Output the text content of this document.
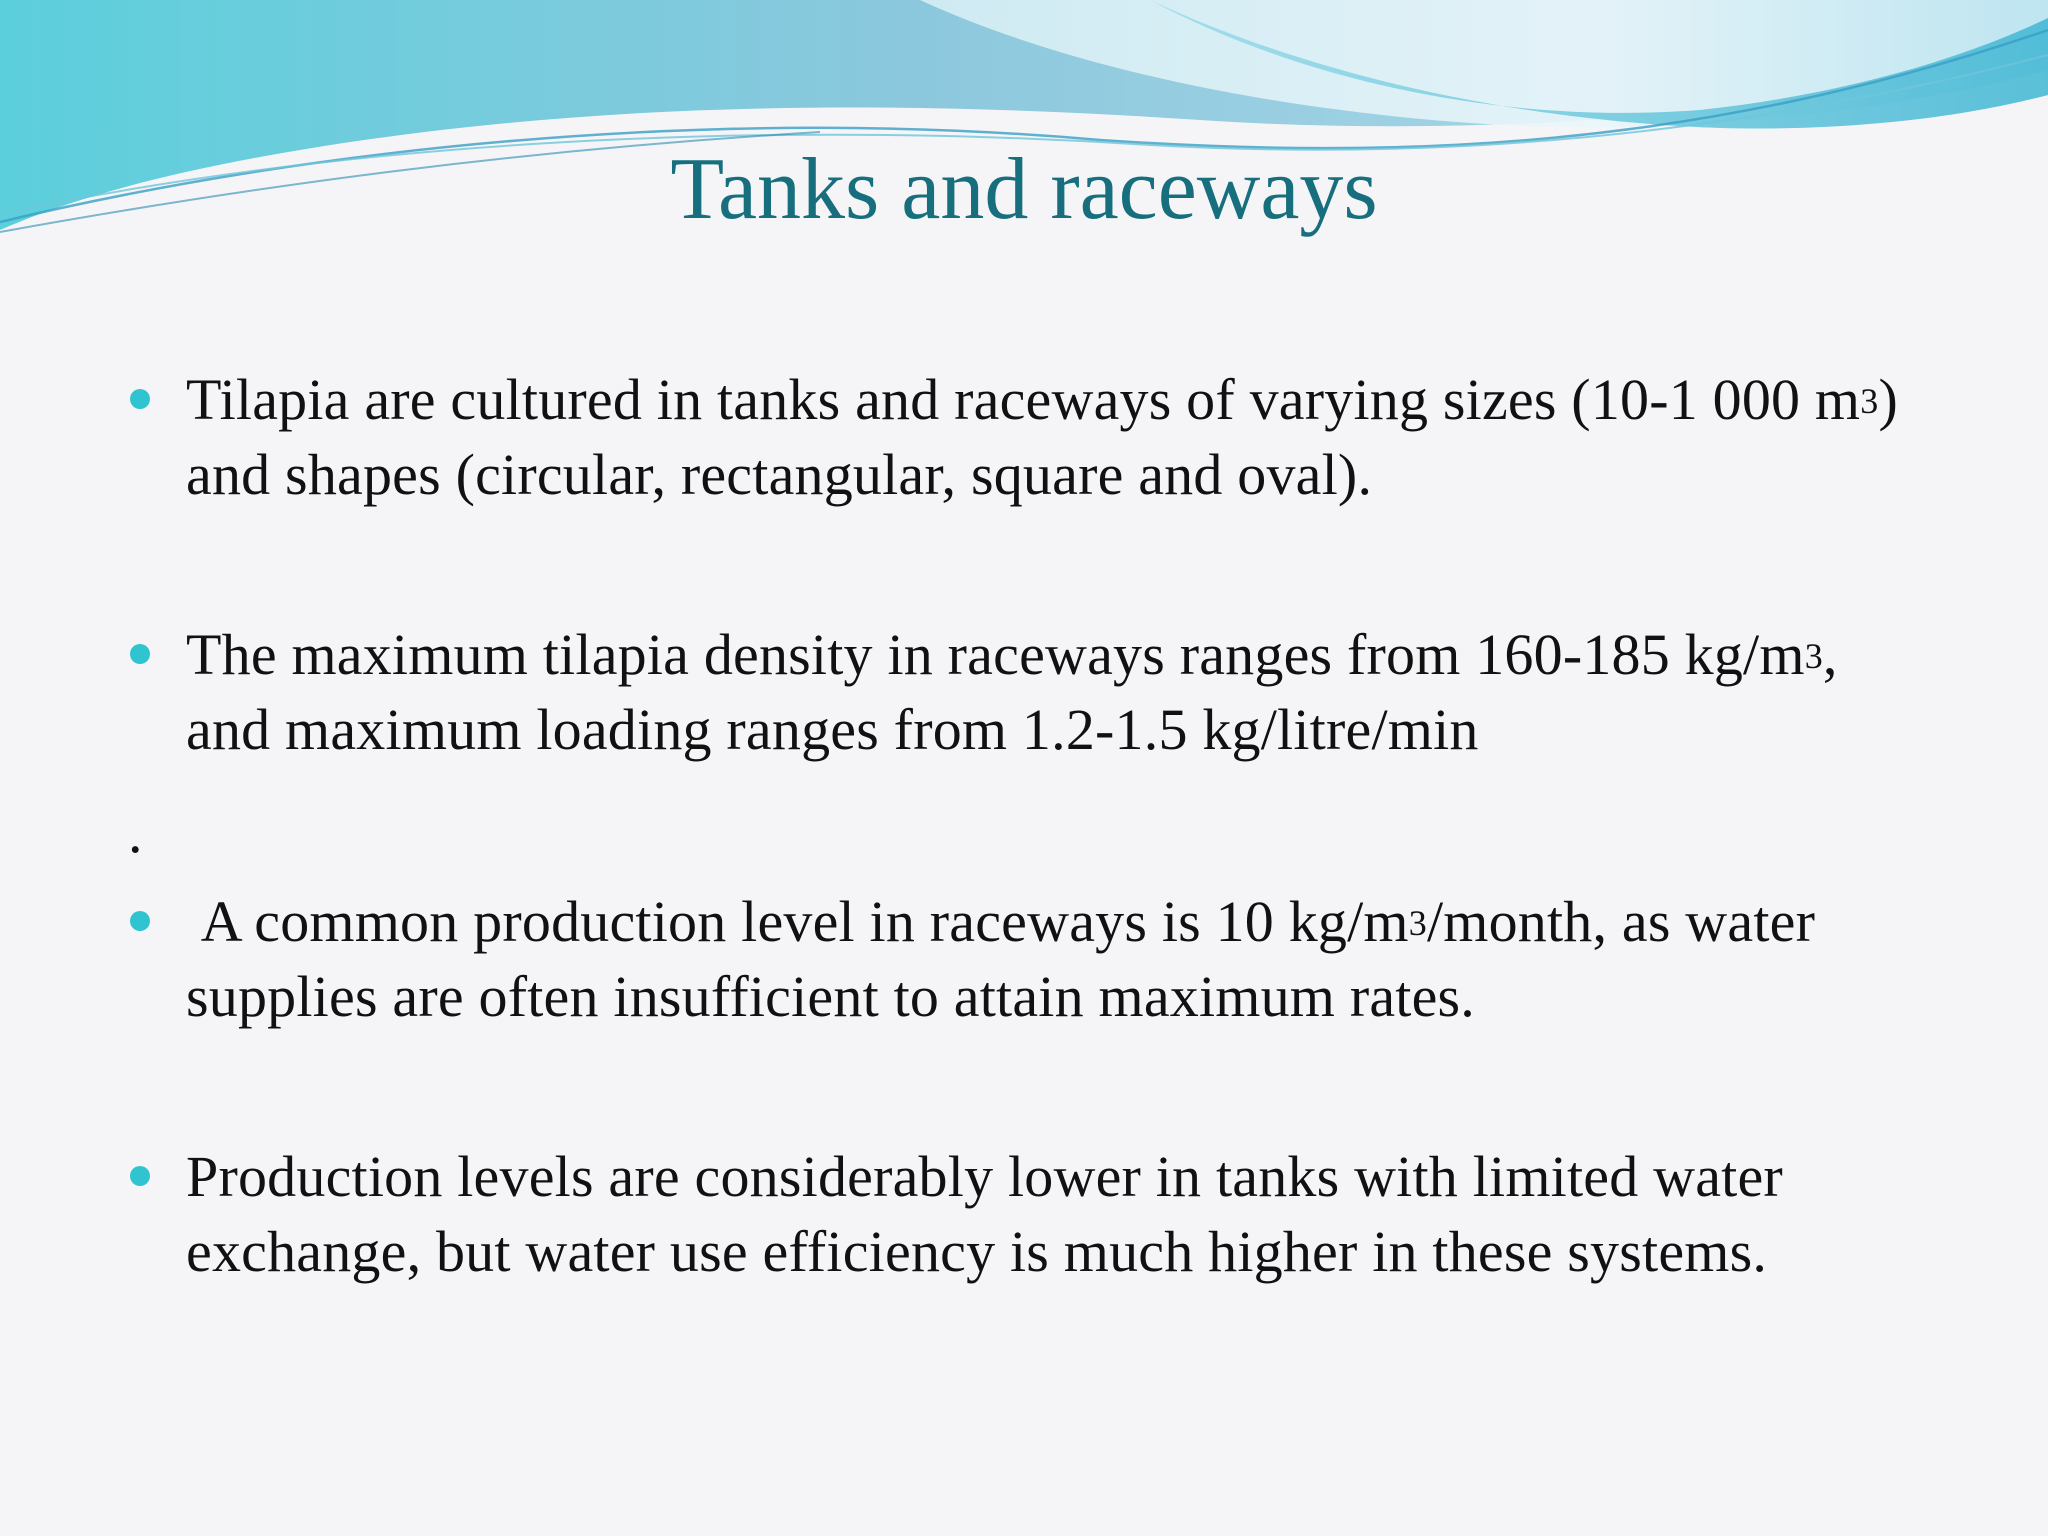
Tanks and raceways
Tilapia are cultured in tanks and raceways of varying sizes (10-1 000 $m^3$) and shapes (circular, rectangular, square and oval).
The maximum tilapia density in raceways ranges from 160-185 $kg/m^3$, and maximum loading ranges from 1.2-1.5 kg/litre/min
.
A common production level in raceways is 10 $kg/m^3$/month, as water supplies are often insufficient to attain maximum rates.
Production levels are considerably lower in tanks with limited water exchange, but water use efficiency is much higher in these systems.
